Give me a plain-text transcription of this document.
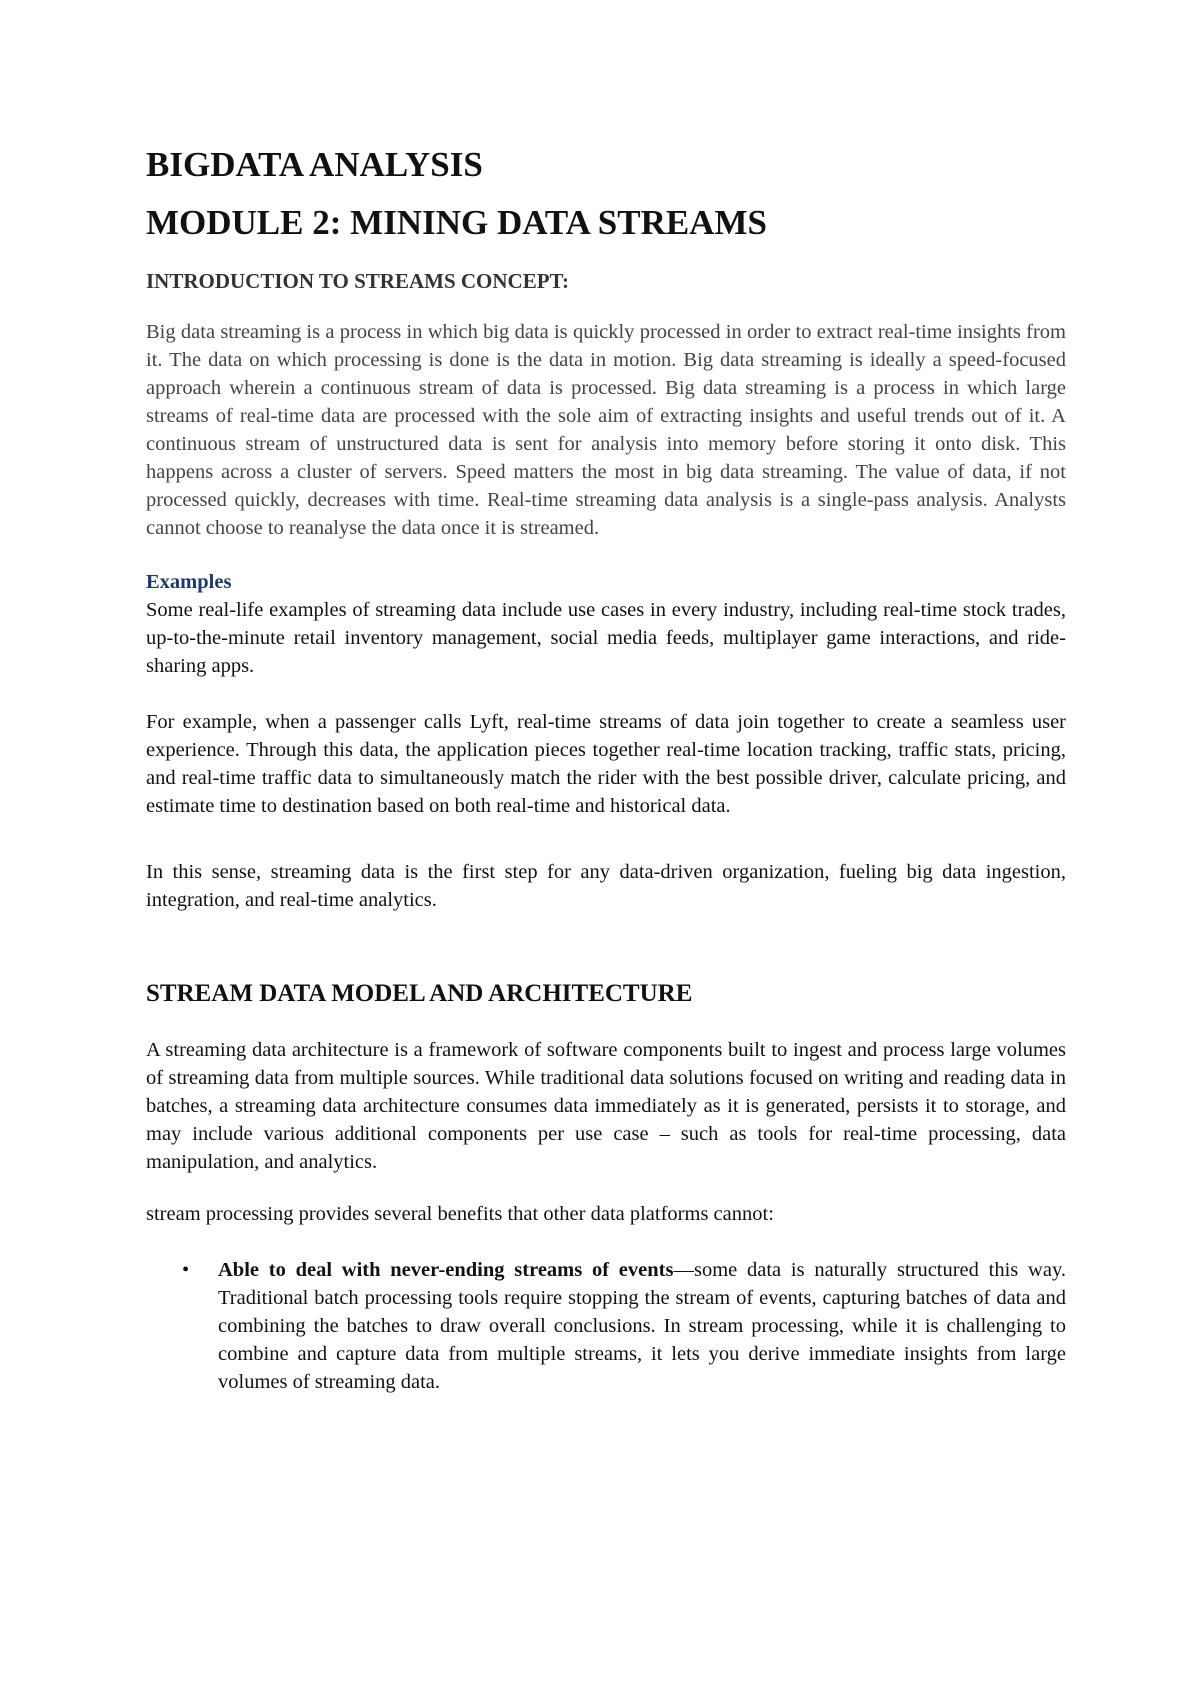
BIGDATA ANALYSIS
MODULE 2: MINING DATA STREAMS
INTRODUCTION TO STREAMS CONCEPT:

Big data streaming is a process in which big data is quickly processed in order to extract real-time insights from it. The data on which processing is done is the data in motion. Big data streaming is ideally a speed-focused approach wherein a continuous stream of data is processed. Big data streaming is a process in which large streams of real-time data are processed with the sole aim of extracting insights and useful trends out of it. A continuous stream of unstructured data is sent for analysis into memory before storing it onto disk. This happens across a cluster of servers. Speed matters the most in big data streaming. The value of data, if not processed quickly, decreases with time. Real-time streaming data analysis is a single-pass analysis. Analysts cannot choose to reanalyse the data once it is streamed.

Examples

Some real-life examples of streaming data include use cases in every industry, including real-time stock trades, up-to-the-minute retail inventory management, social media feeds, multiplayer game interactions, and ride-sharing apps.

For example, when a passenger calls Lyft, real-time streams of data join together to create a seamless user experience. Through this data, the application pieces together real-time location tracking, traffic stats, pricing, and real-time traffic data to simultaneously match the rider with the best possible driver, calculate pricing, and estimate time to destination based on both real-time and historical data.

In this sense, streaming data is the first step for any data-driven organization, fueling big data ingestion, integration, and real-time analytics.

STREAM DATA MODEL AND ARCHITECTURE

A streaming data architecture is a framework of software components built to ingest and process large volumes of streaming data from multiple sources. While traditional data solutions focused on writing and reading data in batches, a streaming data architecture consumes data immediately as it is generated, persists it to storage, and may include various additional components per use case – such as tools for real-time processing, data manipulation, and analytics.

stream processing provides several benefits that other data platforms cannot:

• Able to deal with never-ending streams of events—some data is naturally structured this way. Traditional batch processing tools require stopping the stream of events, capturing batches of data and combining the batches to draw overall conclusions. In stream processing, while it is challenging to combine and capture data from multiple streams, it lets you derive immediate insights from large volumes of streaming data.
